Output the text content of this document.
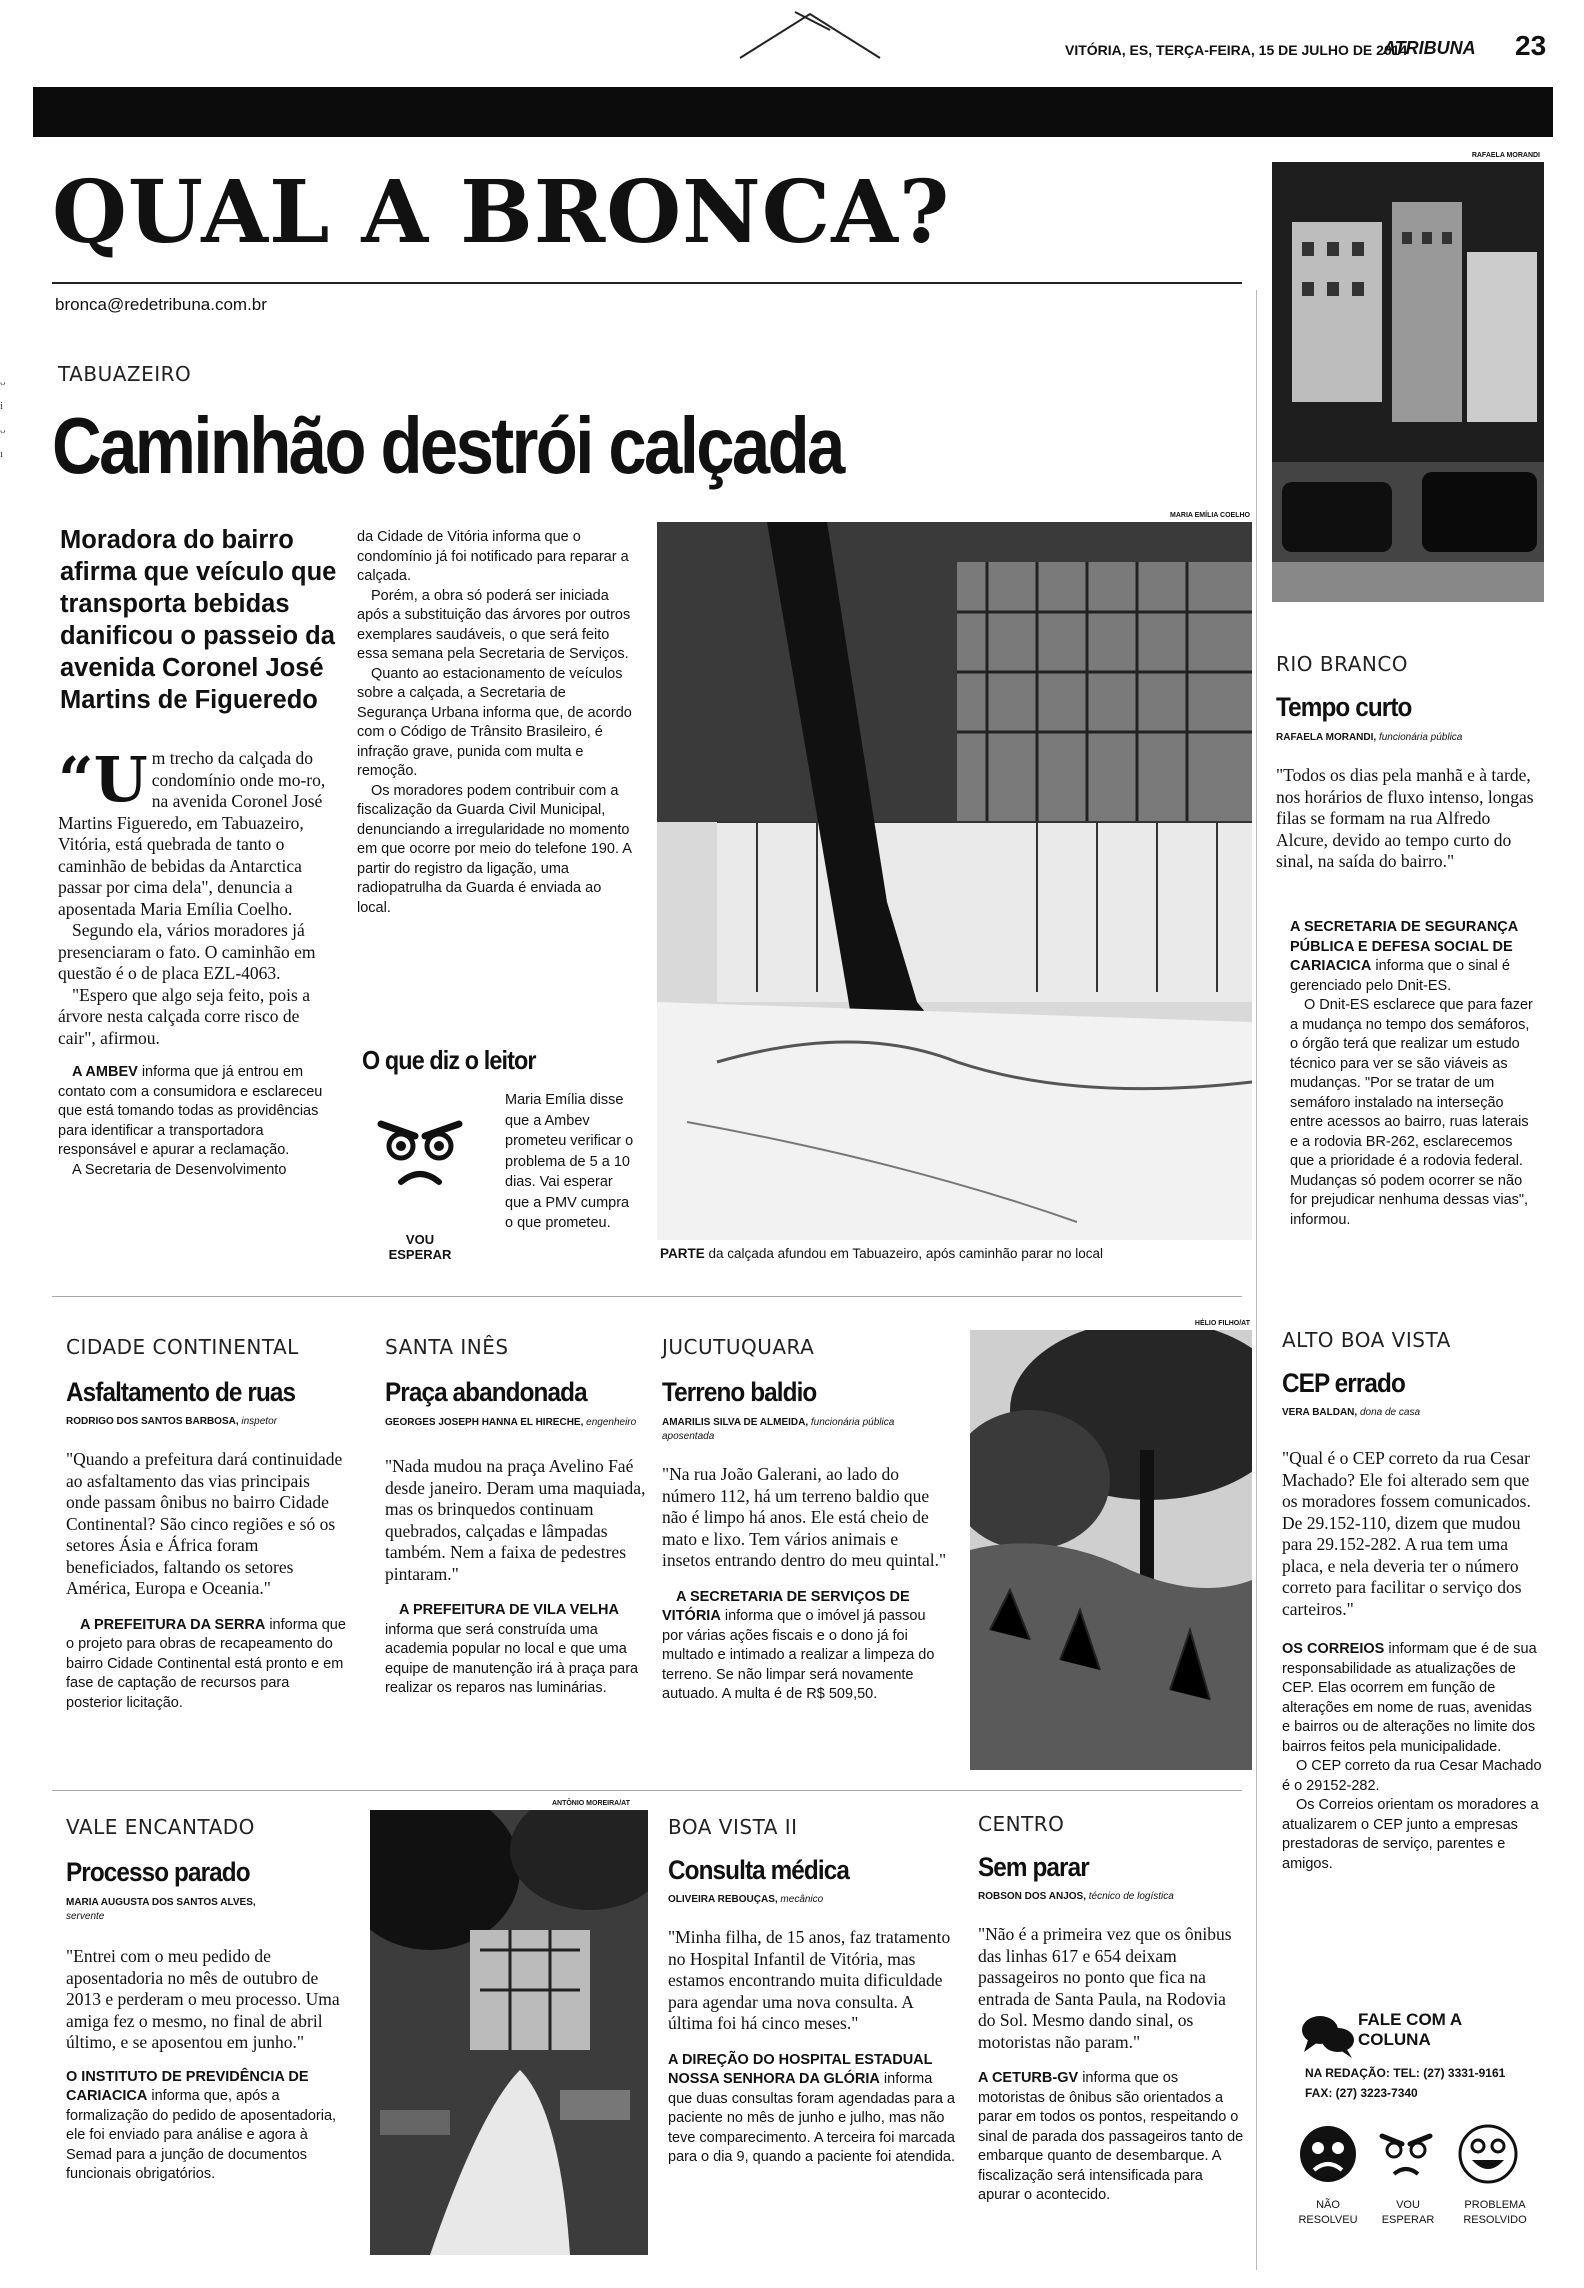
VITÓRIA, ES, TERÇA-FEIRA, 15 DE JULHO DE 2014
ATRIBUNA 23
QUAL A BRONCA?
bronca@redetribuna.com.br
ᴗ
i
ᴗ
ı
TABUAZEIRO
Caminhão destrói calçada
Moradora do bairro afirma que veículo que transporta bebidas danificou o passeio da avenida Coronel José Martins de Figueredo
“U m trecho da calçada do condomínio onde mo-ro, na avenida Coronel José Martins Figueredo, em Tabuazeiro, Vitória, está quebrada de tanto o caminhão de bebidas da Antarctica passar por cima dela", denuncia a aposentada Maria Emília Coelho.

Segundo ela, vários moradores já presenciaram o fato. O caminhão em questão é o de placa EZL-4063.

"Espero que algo seja feito, pois a árvore nesta calçada corre risco de cair", afirmou.

A AMBEV informa que já entrou em contato com a consumidora e esclareceu que está tomando todas as providências para identificar a transportadora responsável e apurar a reclamação.

A Secretaria de Desenvolvimento

da Cidade de Vitória informa que o condomínio já foi notificado para reparar a calçada.

Porém, a obra só poderá ser iniciada após a substituição das árvores por outros exemplares saudáveis, o que será feito essa semana pela Secretaria de Serviços.

Quanto ao estacionamento de veículos sobre a calçada, a Secretaria de Segurança Urbana informa que, de acordo com o Código de Trânsito Brasileiro, é infração grave, punida com multa e remoção.

Os moradores podem contribuir com a fiscalização da Guarda Civil Municipal, denunciando a irregularidade no momento em que ocorre por meio do telefone 190. A partir do registro da ligação, uma radiopatrulha da Guarda é enviada ao local.

O que diz o leitor
VOU ESPERAR
Maria Emília disse que a Ambev prometeu verificar o problema de 5 a 10 dias. Vai esperar que a PMV cumpra o que prometeu.
MARIA EMÍLIA COELHO
PARTE da calçada afundou em Tabuazeiro, após caminhão parar no local
RAFAELA MORANDI
RIO BRANCO
Tempo curto
RAFAELA MORANDI, funcionária pública
"Todos os dias pela manhã e à tarde, nos horários de fluxo intenso, longas filas se formam na rua Alfredo Alcure, devido ao tempo curto do sinal, na saída do bairro."

A SECRETARIA DE SEGURANÇA PÚBLICA E DEFESA SOCIAL DE CARIACICA informa que o sinal é gerenciado pelo Dnit-ES.

O Dnit-ES esclarece que para fazer a mudança no tempo dos semáforos, o órgão terá que realizar um estudo técnico para ver se são viáveis as mudanças. "Por se tratar de um semáforo instalado na interseção entre acessos ao bairro, ruas laterais e a rodovia BR-262, esclarecemos que a prioridade é a rodovia federal. Mudanças só podem ocorrer se não for prejudicar nenhuma dessas vias", informou.

CIDADE CONTINENTAL
Asfaltamento de ruas
RODRIGO DOS SANTOS BARBOSA, inspetor
"Quando a prefeitura dará continuidade ao asfaltamento das vias principais onde passam ônibus no bairro Cidade Continental? São cinco regiões e só os setores Ásia e África foram beneficiados, faltando os setores América, Europa e Oceania."

A PREFEITURA DA SERRA informa que o projeto para obras de recapeamento do bairro Cidade Continental está pronto e em fase de captação de recursos para posterior licitação.

SANTA INÊS
Praça abandonada
GEORGES JOSEPH HANNA EL HIRECHE, engenheiro
"Nada mudou na praça Avelino Faé desde janeiro. Deram uma maquiada, mas os brinquedos continuam quebrados, calçadas e lâmpadas também. Nem a faixa de pedestres pintaram."

A PREFEITURA DE VILA VELHA informa que será construída uma academia popular no local e que uma equipe de manutenção irá à praça para realizar os reparos nas luminárias.

JUCUTUQUARA
Terreno baldio
AMARILIS SILVA DE ALMEIDA, funcionária pública aposentada
"Na rua João Galerani, ao lado do número 112, há um terreno baldio que não é limpo há anos. Ele está cheio de mato e lixo. Tem vários animais e insetos entrando dentro do meu quintal."

A SECRETARIA DE SERVIÇOS DE VITÓRIA informa que o imóvel já passou por várias ações fiscais e o dono já foi multado e intimado a realizar a limpeza do terreno. Se não limpar será novamente autuado. A multa é de R$ 509,50.

HÉLIO FILHO/AT
ALTO BOA VISTA
CEP errado
VERA BALDAN, dona de casa
"Qual é o CEP correto da rua Cesar Machado? Ele foi alterado sem que os moradores fossem comunicados. De 29.152-110, dizem que mudou para 29.152-282. A rua tem uma placa, e nela deveria ter o número correto para facilitar o serviço dos carteiros."

OS CORREIOS informam que é de sua responsabilidade as atualizações de CEP. Elas ocorrem em função de alterações em nome de ruas, avenidas e bairros ou de alterações no limite dos bairros feitos pela municipalidade.

O CEP correto da rua Cesar Machado é o 29152-282.

Os Correios orientam os moradores a atualizarem o CEP junto a empresas prestadoras de serviço, parentes e amigos.

VALE ENCANTADO
Processo parado
MARIA AUGUSTA DOS SANTOS ALVES,
servente
"Entrei com o meu pedido de aposentadoria no mês de outubro de 2013 e perderam o meu processo. Uma amiga fez o mesmo, no final de abril último, e se aposentou em junho."

O INSTITUTO DE PREVIDÊNCIA DE CARIACICA informa que, após a formalização do pedido de aposentadoria, ele foi enviado para análise e agora à Semad para a junção de documentos funcionais obrigatórios.

ANTÔNIO MOREIRA/AT
BOA VISTA II
Consulta médica
OLIVEIRA REBOUÇAS, mecânico
"Minha filha, de 15 anos, faz tratamento no Hospital Infantil de Vitória, mas estamos encontrando muita dificuldade para agendar uma nova consulta. A última foi há cinco meses."

A DIREÇÃO DO HOSPITAL ESTADUAL NOSSA SENHORA DA GLÓRIA informa que duas consultas foram agendadas para a paciente no mês de junho e julho, mas não teve comparecimento. A terceira foi marcada para o dia 9, quando a paciente foi atendida.

CENTRO
Sem parar
ROBSON DOS ANJOS, técnico de logística
"Não é a primeira vez que os ônibus das linhas 617 e 654 deixam passageiros no ponto que fica na entrada de Santa Paula, na Rodovia do Sol. Mesmo dando sinal, os motoristas não param."

A CETURB-GV informa que os motoristas de ônibus são orientados a parar em todos os pontos, respeitando o sinal de parada dos passageiros tanto de embarque quanto de desembarque. A fiscalização será intensificada para apurar o acontecido.

FALE COM A COLUNA
NA REDAÇÃO: TEL: (27) 3331-9161
FAX: (27) 3223-7340
NÃO RESOLVEU
VOU ESPERAR
PROBLEMA RESOLVIDO
